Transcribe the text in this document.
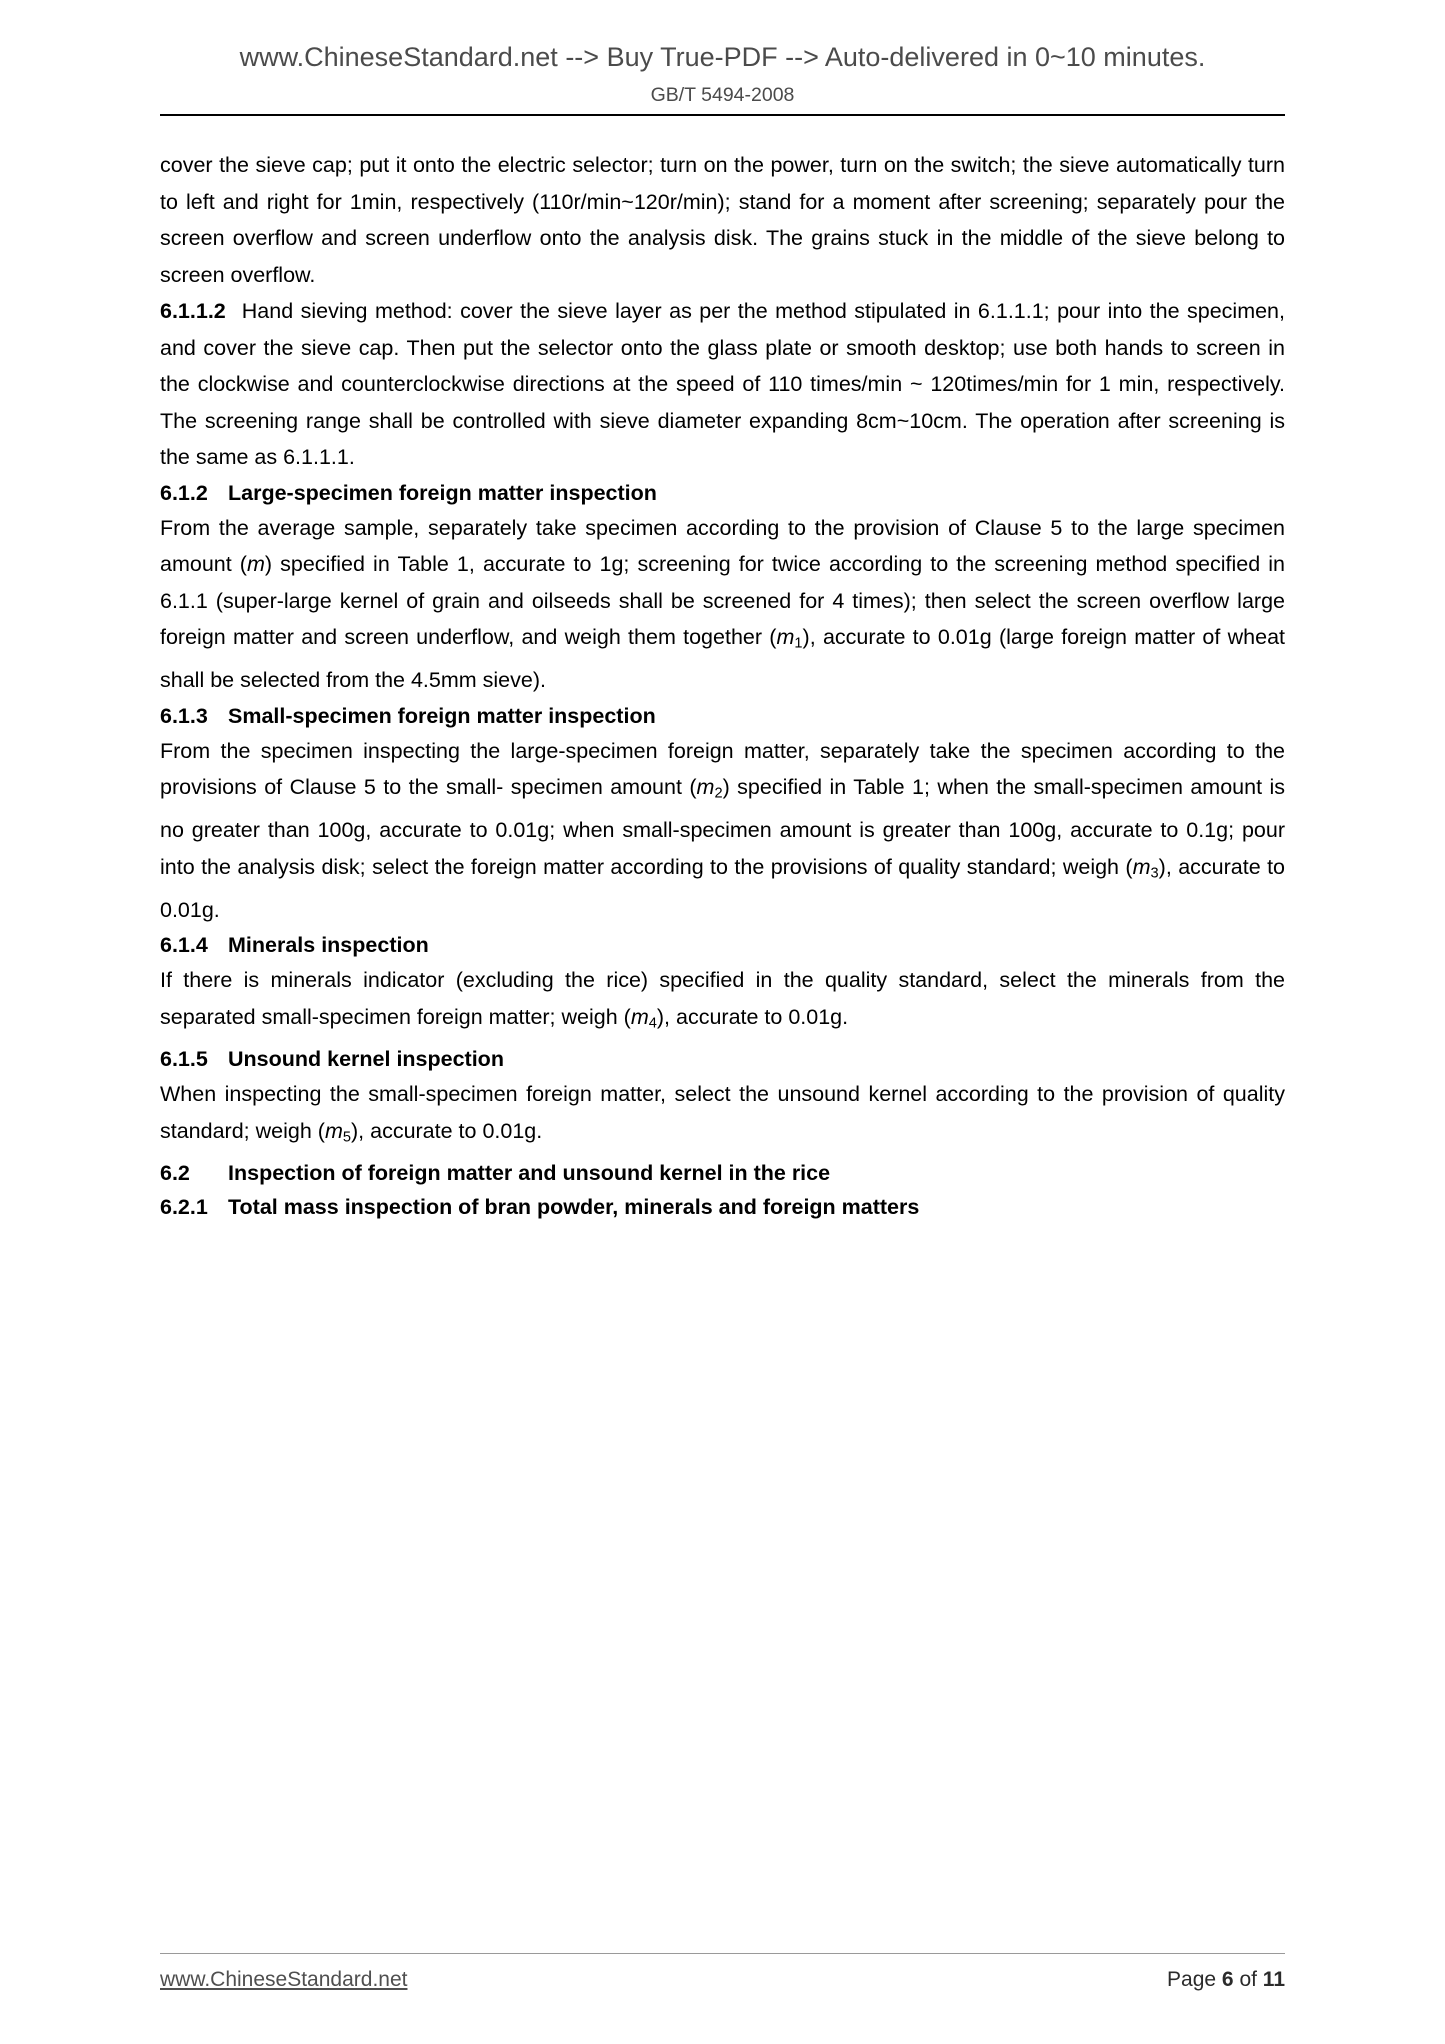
www.ChineseStandard.net --> Buy True-PDF --> Auto-delivered in 0~10 minutes.
GB/T 5494-2008

cover the sieve cap; put it onto the electric selector; turn on the power, turn on the switch; the sieve automatically turn to left and right for 1min, respectively (110r/min~120r/min); stand for a moment after screening; separately pour the screen overflow and screen underflow onto the analysis disk. The grains stuck in the middle of the sieve belong to screen overflow.

6.1.1.2 Hand sieving method: cover the sieve layer as per the method stipulated in 6.1.1.1; pour into the specimen, and cover the sieve cap. Then put the selector onto the glass plate or smooth desktop; use both hands to screen in the clockwise and counterclockwise directions at the speed of 110 times/min ~ 120times/min for 1 min, respectively. The screening range shall be controlled with sieve diameter expanding 8cm~10cm. The operation after screening is the same as 6.1.1.1.

6.1.2 Large-specimen foreign matter inspection

From the average sample, separately take specimen according to the provision of Clause 5 to the large specimen amount (m) specified in Table 1, accurate to 1g; screening for twice according to the screening method specified in 6.1.1 (super-large kernel of grain and oilseeds shall be screened for 4 times); then select the screen overflow large foreign matter and screen underflow, and weigh them together $(m_1)$, accurate to 0.01g (large foreign matter of wheat shall be selected from the 4.5mm sieve).

6.1.3 Small-specimen foreign matter inspection

From the specimen inspecting the large-specimen foreign matter, separately take the specimen according to the provisions of Clause 5 to the small- specimen amount $(m_2)$ specified in Table 1; when the small-specimen amount is no greater than 100g, accurate to 0.01g; when small-specimen amount is greater than 100g, accurate to 0.1g; pour into the analysis disk; select the foreign matter according to the provisions of quality standard; weigh $(m_3)$, accurate to 0.01g.

6.1.4 Minerals inspection

If there is minerals indicator (excluding the rice) specified in the quality standard, select the minerals from the separated small-specimen foreign matter; weigh $(m_4)$, accurate to 0.01g.

6.1.5 Unsound kernel inspection

When inspecting the small-specimen foreign matter, select the unsound kernel according to the provision of quality standard; weigh $(m_5)$, accurate to 0.01g.

6.2 Inspection of foreign matter and unsound kernel in the rice
6.2.1 Total mass inspection of bran powder, minerals and foreign matters
www.ChineseStandard.net	Page 6 of 11
